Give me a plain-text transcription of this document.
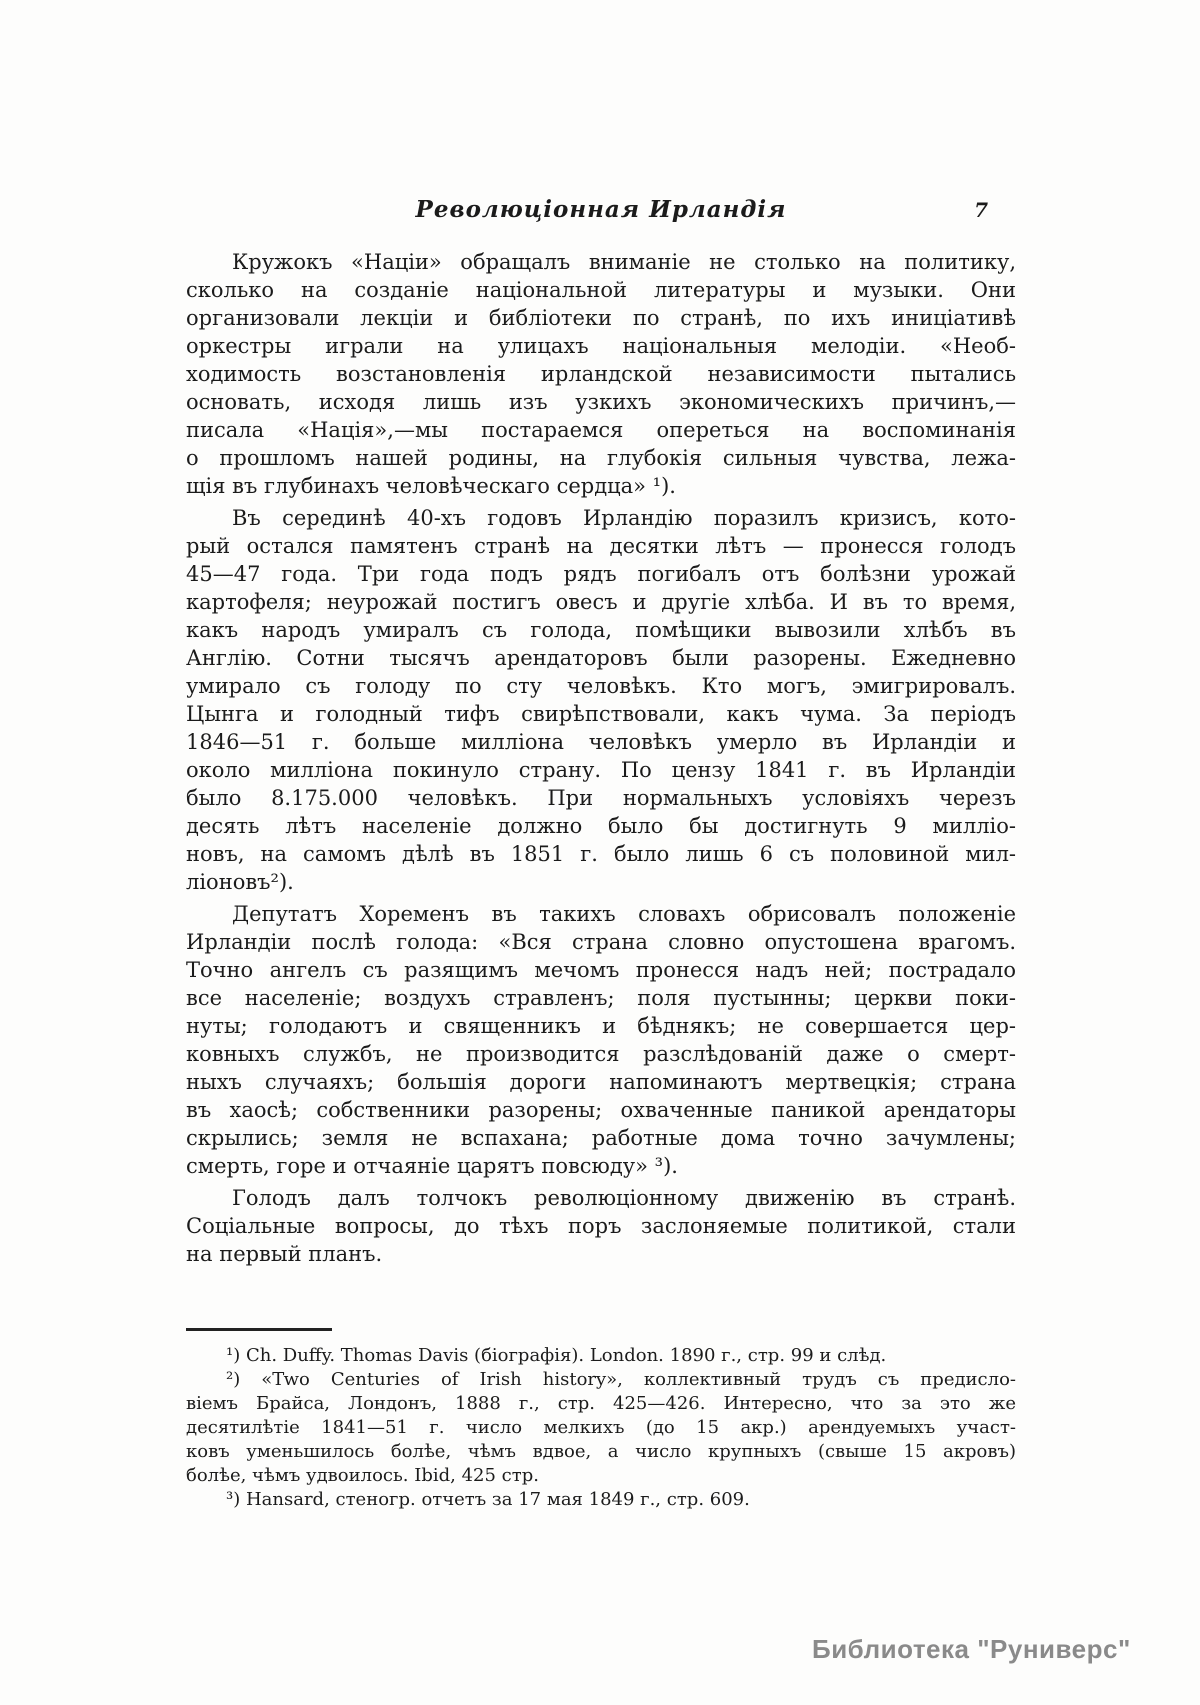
Революціонная Ирландія	7
Кружокъ «Націи» обращалъ вниманіе не столько на политику,
сколько на созданіе національной литературы и музыки. Они
организовали лекціи и библіотеки по странѣ, по ихъ иниціативѣ
оркестры играли на улицахъ національныя мелодіи. «Необ-
ходимость возстановленія ирландской независимости пытались
основать, исходя лишь изъ узкихъ экономическихъ причинъ,—
писала «Нація»,—мы постараемся опереться на воспоминанія
о прошломъ нашей родины, на глубокія сильныя чувства, лежа-
щія въ глубинахъ человѣческаго сердца» ¹).
Въ серединѣ 40-хъ годовъ Ирландію поразилъ кризисъ, кото-
рый остался памятенъ странѣ на десятки лѣтъ — пронесся голодъ
45—47 года. Три года подъ рядъ погибалъ отъ болѣзни урожай
картофеля; неурожай постигъ овесъ и другіе хлѣба. И въ то время,
какъ народъ умиралъ съ голода, помѣщики вывозили хлѣбъ въ
Англію. Сотни тысячъ арендаторовъ были разорены. Ежедневно
умирало съ голоду по сту человѣкъ. Кто могъ, эмигрировалъ.
Цынга и голодный тифъ свирѣпствовали, какъ чума. За періодъ
1846—51 г. больше милліона человѣкъ умерло въ Ирландіи и
около милліона покинуло страну. По цензу 1841 г. въ Ирландіи
было 8.175.000 человѣкъ. При нормальныхъ условіяхъ черезъ
десять лѣтъ населеніе должно было бы достигнуть 9 милліо-
новъ, на самомъ дѣлѣ въ 1851 г. было лишь 6 съ половиной мил-
ліоновъ²).
Депутатъ Хоременъ въ такихъ словахъ обрисовалъ положеніе
Ирландіи послѣ голода: «Вся страна словно опустошена врагомъ.
Точно ангелъ съ разящимъ мечомъ пронесся надъ ней; пострадало
все населеніе; воздухъ стравленъ; поля пустынны; церкви поки-
нуты; голодаютъ и священникъ и бѣднякъ; не совершается цер-
ковныхъ службъ, не производится разслѣдованій даже о смерт-
ныхъ случаяхъ; большія дороги напоминаютъ мертвецкія; страна
въ хаосѣ; собственники разорены; охваченные паникой арендаторы
скрылись; земля не вспахана; работные дома точно зачумлены;
смерть, горе и отчаяніе царятъ повсюду» ³).
Голодъ далъ толчокъ революціонному движенію въ странѣ.
Соціальные вопросы, до тѣхъ поръ заслоняемые политикой, стали
на первый планъ.
¹) Ch. Duffy. Thomas Davis (біографія). London. 1890 г., стр. 99 и слѣд.
²) «Two Centuries of Irish history», коллективный трудъ съ предисло-
віемъ Брайса, Лондонъ, 1888 г., стр. 425—426. Интересно, что за это же
десятилѣтіе 1841—51 г. число мелкихъ (до 15 акр.) арендуемыхъ участ-
ковъ уменьшилось болѣе, чѣмъ вдвое, а число крупныхъ (свыше 15 акровъ)
болѣе, чѣмъ удвоилось. Ibid, 425 стр.
³) Hansard, стеногр. отчетъ за 17 мая 1849 г., стр. 609.
Библиотека "Руниверс"
